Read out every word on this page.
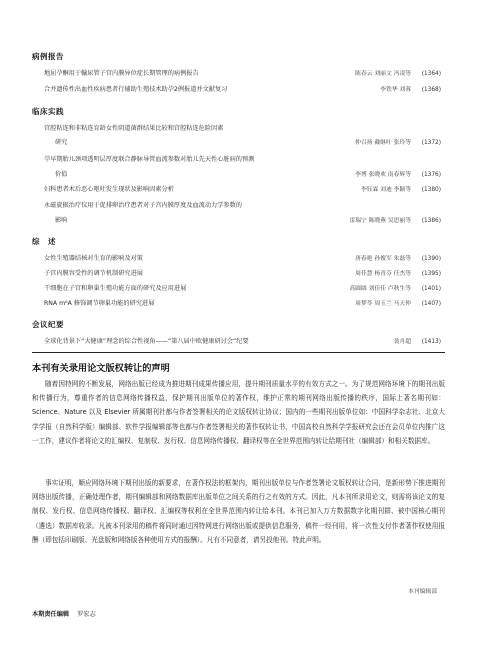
病例报告
地屈孕酮用于輸尿管子宫内膜异位症长期管理的病例报告	陈春云 刘丽文 冯凌等	(1364)
合并遗传性出血性疾病患者行辅助生殖技术助孕2例报道并文献复习	李铁华 刘蓉	(1368)
临床实践
宫腔粘连和非粘连育龄女性阴道菌群结果比较和宫腔粘连危险因素
研究	仲召扬 戴继叶 张玲等	(1372)
孕早期胎儿颈项透明层厚度联合静脉导管血流参数对胎儿先天性心脏病的预测
价值	李博 张晓欢 南春辉等	(1376)
妇科患者术后恶心呕吐发生现状及影响因素分析	李钰霖 刘迪 李颖等	(1380)
永磁旋振治疗仪用于促排卵治疗患者对子宫内膜厚度及血流动力学参数的
影响	雷瑞宁 陈晓燕 吴思丽等	(1386)
综　述
女性生殖器结核对生育的影响及对策	唐春艳 孙俊军 朱磊等	(1390)
子宫内膜容受性的调节机制研究进展	周佳慧 杨青芬 任杰等	(1395)
干细胞在子宫和卵巢生殖功能方面的研究及应用进展	高圆圆 刘佳佳 卢秋生等	(1401)
RNA m⁶A 修饰调节卵巢功能的研究进展	周梦苓 周玉兰 马天仲	(1407)
会议纪要
全球化背景下“大健康”理念的综合性视角——“第八届中欧健康研讨会”纪要	裴舟超	(1413)
本刊有关录用论文版权转让的声明
随着因特网的不断发展，网络出版已经成为推进期刊成果传播应用，提升期刊质量水平的有效方式之一。为了规范网络环境下的期刊出版和传播行为，尊重作者的信息网络传播权益，保护期刊出版单位的著作权，维护正常的期刊网络出版传播的秩序，国际上著名期刊如：Science、Nature 以及 Elsevier 所属期刊社都与作者签署相关的论文版权转让协议；国内的一些期刊出版单位如：中国科学杂志社、北京大学学报（自然科学版）编辑部、软件学报编辑部等也都与作者签署相关的著作权转让书，中国高校自然科学学报研究会还在会员单位内推广这一工作，建议作者将论文的汇编权、复制权、发行权、信息网络传播权、翻译权等在全世界范围内转让给期刊社（编辑部）和相关数据库。
事实证明，顺应网络环境下期刊出版的新要求，在著作权法的框架内，期刊出版单位与作者签署论文版权转让合同，是新形势下推进期刊网络出版传播，正确处理作者，期刊编辑部和网络数据库出版单位之间关系的行之有效的方式。因此，凡本刊所录用论文，则需将该论文的复制权、发行权、信息网络传播权、翻译权、汇编权等权利在全世界范围内转让给本刊。本刊已加入万方数据数字化期刊群、被中国核心期刊（遴选）数据库收录。凡被本刊录用的稿件将同时通过因特网进行网络出版或提供信息服务，稿件一经刊用，将一次性支付作者著作权使用报酬（即包括印刷版、光盘版和网络版各种使用方式的报酬）。凡有不同意者，请另投他刊。特此声明。
本刊编辑部
本期责任编辑 罗宏志
